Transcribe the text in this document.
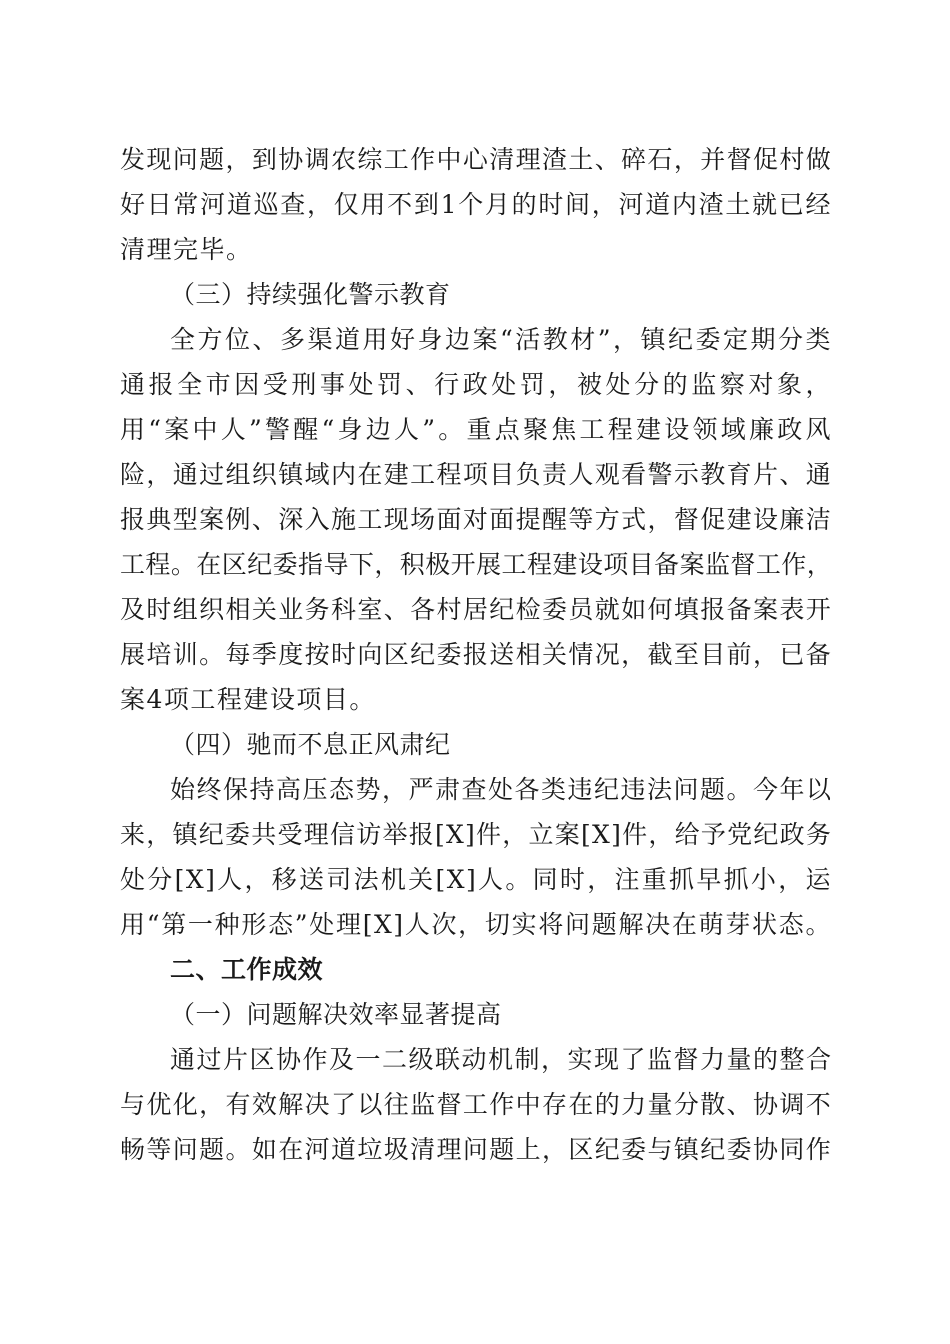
发现问题，到协调农综工作中心清理渣土、碎石，并督促村做
好日常河道巡查，仅用不到1个月的时间，河道内渣土就已经
清理完毕。
（三）持续强化警示教育
全方位、多渠道用好身边案“活教材”，镇纪委定期分类
通报全市因受刑事处罚、行政处罚，被处分的监察对象，
用“案中人”警醒“身边人”。重点聚焦工程建设领域廉政风
险，通过组织镇域内在建工程项目负责人观看警示教育片、通
报典型案例、深入施工现场面对面提醒等方式，督促建设廉洁
工程。在区纪委指导下，积极开展工程建设项目备案监督工作，
及时组织相关业务科室、各村居纪检委员就如何填报备案表开
展培训。每季度按时向区纪委报送相关情况，截至目前，已备
案4项工程建设项目。
（四）驰而不息正风肃纪
始终保持高压态势，严肃查处各类违纪违法问题。今年以
来，镇纪委共受理信访举报[X]件，立案[X]件，给予党纪政务
处分[X]人，移送司法机关[X]人。同时，注重抓早抓小，运
用“第一种形态”处理[X]人次，切实将问题解决在萌芽状态。
二、工作成效
（一）问题解决效率显著提高
通过片区协作及一二级联动机制，实现了监督力量的整合
与优化，有效解决了以往监督工作中存在的力量分散、协调不
畅等问题。如在河道垃圾清理问题上，区纪委与镇纪委协同作
